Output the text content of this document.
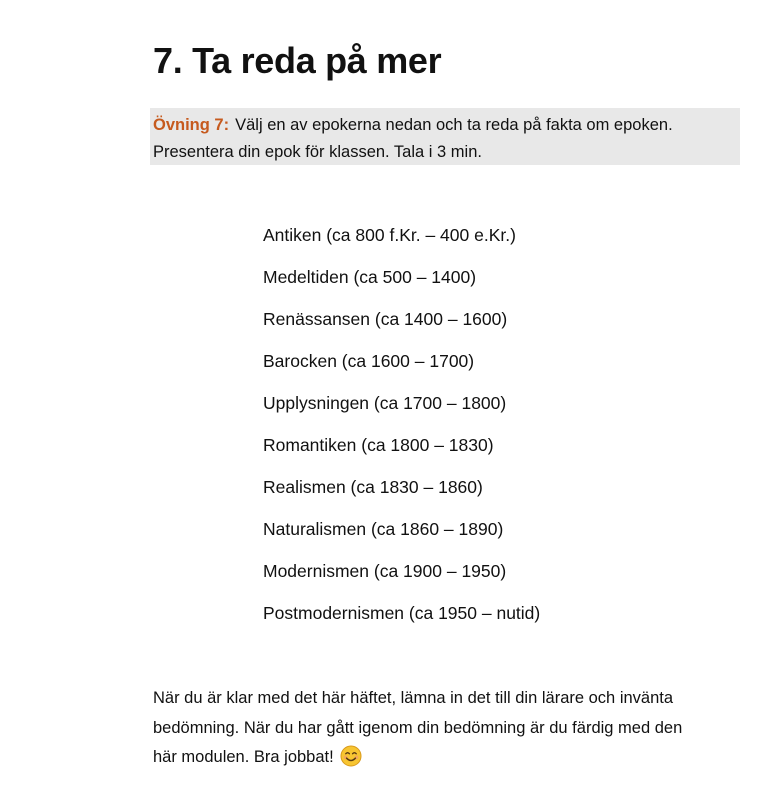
7. Ta reda på mer
Övning 7: Välj en av epokerna nedan och ta reda på fakta om epoken.
Presentera din epok för klassen. Tala i 3 min.
Antiken (ca 800 f.Kr. – 400 e.Kr.)
Medeltiden (ca 500 – 1400)
Renässansen (ca 1400 – 1600)
Barocken (ca 1600 – 1700)
Upplysningen (ca 1700 – 1800)
Romantiken (ca 1800 – 1830)
Realismen (ca 1830 – 1860)
Naturalismen (ca 1860 – 1890)
Modernismen (ca 1900 – 1950)
Postmodernismen (ca 1950 – nutid)
När du är klar med det här häftet, lämna in det till din lärare och invänta
bedömning. När du har gått igenom din bedömning är du färdig med den
här modulen. Bra jobbat!
